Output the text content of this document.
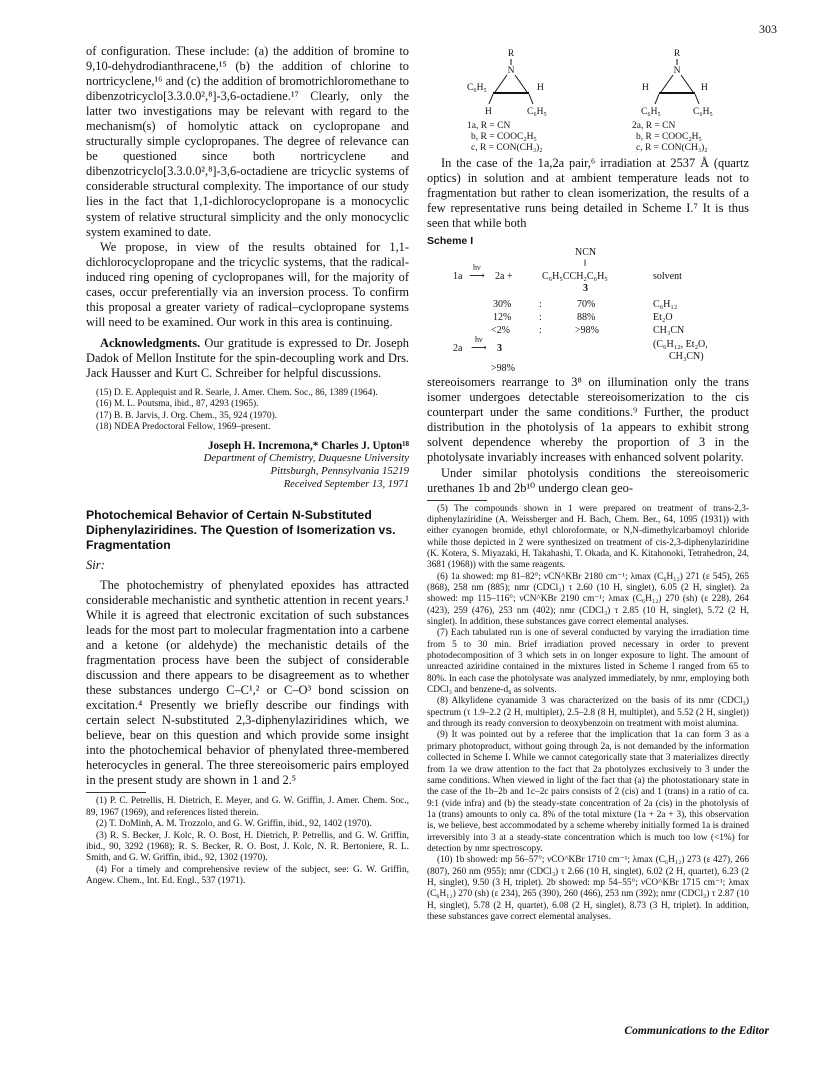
303

of configuration. These include: (a) the addition of bromine to 9,10-dehydrodianthracene,¹⁵ (b) the addition of chlorine to nortricyclene,¹⁶ and (c) the addition of bromotrichloromethane to dibenzotricyclo[3.3.0.0²,⁸]-3,6-octadiene.¹⁷ Clearly, only the latter two investigations may be relevant with regard to the mechanism(s) of homolytic attack on cyclopropane and structurally simple cyclopropanes. The degree of relevance can be questioned since both nortricyclene and dibenzotricyclo[3.3.0.0²,⁸]-3,6-octadiene are tricyclic systems of considerable structural complexity. The importance of our study lies in the fact that 1,1-dichlorocyclopropane is a monocyclic system of relative structural simplicity and the only monocyclic system examined to date.

We propose, in view of the results obtained for 1,1-dichlorocyclopropane and the tricyclic systems, that the radical-induced ring opening of cyclopropanes will, for the majority of cases, occur preferentially via an inversion process. To confirm this proposal a greater variety of radical–cyclopropane systems will need to be examined. Our work in this area is continuing.

Acknowledgments. Our gratitude is expressed to Dr. Joseph Dadok of Mellon Institute for the spin-decoupling work and Drs. Jack Hausser and Kurt C. Schreiber for helpful discussions.

(15) D. E. Applequist and R. Searle, J. Amer. Chem. Soc., 86, 1389 (1964).

(16) M. L. Poutsma, ibid., 87, 4293 (1965).

(17) B. B. Jarvis, J. Org. Chem., 35, 924 (1970).

(18) NDEA Predoctoral Fellow, 1969–present.

Joseph H. Incremona,* Charles J. Upton¹⁸
Department of Chemistry, Duquesne University
Pittsburgh, Pennsylvania 15219
Received September 13, 1971
Photochemical Behavior of Certain N-Substituted Diphenylaziridines. The Question of Isomerization vs. Fragmentation
Sir:

The photochemistry of phenylated epoxides has attracted considerable mechanistic and synthetic attention in recent years.¹ While it is agreed that electronic excitation of such substances leads for the most part to molecular fragmentation into a carbene and a ketone (or aldehyde) the mechanistic details of the fragmentation process have been the subject of considerable discussion and there appears to be disagreement as to whether these substances undergo C–C¹,² or C–O³ bond scission on excitation.⁴ Presently we briefly describe our findings with certain select N-substituted 2,3-diphenylaziridines which, we believe, bear on this question and which provide some insight into the photochemical behavior of phenylated three-membered heterocycles in general. The three stereoisomeric pairs employed in the present study are shown in 1 and 2.⁵

(1) P. C. Petrellis, H. Dietrich, E. Meyer, and G. W. Griffin, J. Amer. Chem. Soc., 89, 1967 (1969), and references listed therein.

(2) T. DoMinh, A. M. Trozzolo, and G. W. Griffin, ibid., 92, 1402 (1970).

(3) R. S. Becker, J. Kolc, R. O. Bost, H. Dietrich, P. Petrellis, and G. W. Griffin, ibid., 90, 3292 (1968); R. S. Becker, R. O. Bost, J. Kolc, N. R. Bertoniere, R. L. Smith, and G. W. Griffin, ibid., 92, 1302 (1970).

(4) For a timely and comprehensive review of the subject, see: G. W. Griffin, Angew. Chem., Int. Ed. Engl., 537 (1971).

R
N
C₆H₅	H
H	C₆H₅
1a, R = CN
b, R = COOC₂H₅
c, R = CON(CH₃)₂
R
N
H	H
C₆H₅	C₆H₅
2a, R = CN
b, R = COOC₂H₅
c, R = CON(CH₃)₂

In the case of the 1a,2a pair,⁶ irradiation at 2537 Å (quartz optics) in solution and at ambient temperature leads not to fragmentation but rather to clean isomerization, the results of a few representative runs being detailed in Scheme I.⁷ It is thus seen that while both

Scheme I
NCN
‖
1a
hν
⟶ 2a +	C₆H₅CCH₂C₆H₅
3
solvent
30%	:	70%	C₆H₁₂
12%	:	88%	Et₂O
<2%	:	>98%	CH₃CN
2a
hν
⟶ 3	(C₆H₁₂, Et₂O,
CH₃CN)
>98%

stereoisomers rearrange to 3⁸ on illumination only the trans isomer undergoes detectable stereoisomerization to the cis counterpart under the same conditions.⁹ Further, the product distribution in the photolysis of 1a appears to exhibit strong solvent dependence whereby the proportion of 3 in the photolysate invariably increases with enhanced solvent polarity.

Under similar photolysis conditions the stereoisomeric urethanes 1b and 2b¹⁰ undergo clean geo-

(5) The compounds shown in 1 were prepared on treatment of trans-2,3-diphenylaziridine (A. Weissberger and H. Bach, Chem. Ber., 64, 1095 (1931)) with either cyanogen bromide, ethyl chloroformate, or N,N-dimethylcarbamoyl chloride while those depicted in 2 were synthesized on treatment of cis-2,3-diphenylaziridine (K. Kotera, S. Miyazaki, H. Takahashi, T. Okada, and K. Kitahonoki, Tetrahedron, 24, 3681 (1968)) with the same reagents.

(6) 1a showed: mp 81–82°; νCN^KBr 2180 cm⁻¹; λmax (C₆H₁₂) 271 (ε 545), 265 (868), 258 nm (885); nmr (CDCl₃) τ 2.60 (10 H, singlet), 6.05 (2 H, singlet). 2a showed: mp 115–116°; νCN^KBr 2190 cm⁻¹; λmax (C₆H₁₂) 270 (sh) (ε 228), 264 (423), 259 (476), 253 nm (402); nmr (CDCl₃) τ 2.85 (10 H, singlet), 5.72 (2 H, singlet). In addition, these substances gave correct elemental analyses.

(7) Each tabulated run is one of several conducted by varying the irradiation time from 5 to 30 min. Brief irradiation proved necessary in order to prevent photodecomposition of 3 which sets in on longer exposure to light. The amount of unreacted aziridine contained in the mixtures listed in Scheme I ranged from 65 to 80%. In each case the photolysate was analyzed immediately, by nmr, employing both CDCl₃ and benzene-d₆ as solvents.

(8) Alkylidene cyanamide 3 was characterized on the basis of its nmr (CDCl₃) spectrum (τ 1.9–2.2 (2 H, multiplet), 2.5–2.8 (8 H, multiplet), and 5.52 (2 H, singlet)) and through its ready conversion to deoxybenzoin on treatment with moist alumina.

(9) It was pointed out by a referee that the implication that 1a can form 3 as a primary photoproduct, without going through 2a, is not demanded by the information collected in Scheme I. While we cannot categorically state that 3 materializes directly from 1a we draw attention to the fact that 2a photolyzes exclusively to 3 under the same conditions. When viewed in light of the fact that (a) the photostationary state in the case of the 1b–2b and 1c–2c pairs consists of 2 (cis) and 1 (trans) in a ratio of ca. 9:1 (vide infra) and (b) the steady-state concentration of 2a (cis) in the photolysis of 1a (trans) amounts to only ca. 8% of the total mixture (1a + 2a + 3), this observation is, we believe, best accommodated by a scheme whereby initially formed 1a is drained irreversibly into 3 at a steady-state concentration which is much too low (<1%) for detection by nmr spectroscopy.

(10) 1b showed: mp 56–57°; νCO^KBr 1710 cm⁻¹; λmax (C₆H₁₂) 273 (ε 427), 266 (807), 260 nm (955); nmr (CDCl₃) τ 2.66 (10 H, singlet), 6.02 (2 H, quartet), 6.23 (2 H, singlet), 9.50 (3 H, triplet). 2b showed: mp 54–55°; νCO^KBr 1715 cm⁻¹; λmax (C₆H₁₂) 270 (sh) (ε 234), 265 (390), 260 (466), 253 nm (392); nmr (CDCl₃) τ 2.87 (10 H, singlet), 5.78 (2 H, quartet), 6.08 (2 H, singlet), 8.73 (3 H, triplet). In addition, these substances gave correct elemental analyses.

Communications to the Editor
